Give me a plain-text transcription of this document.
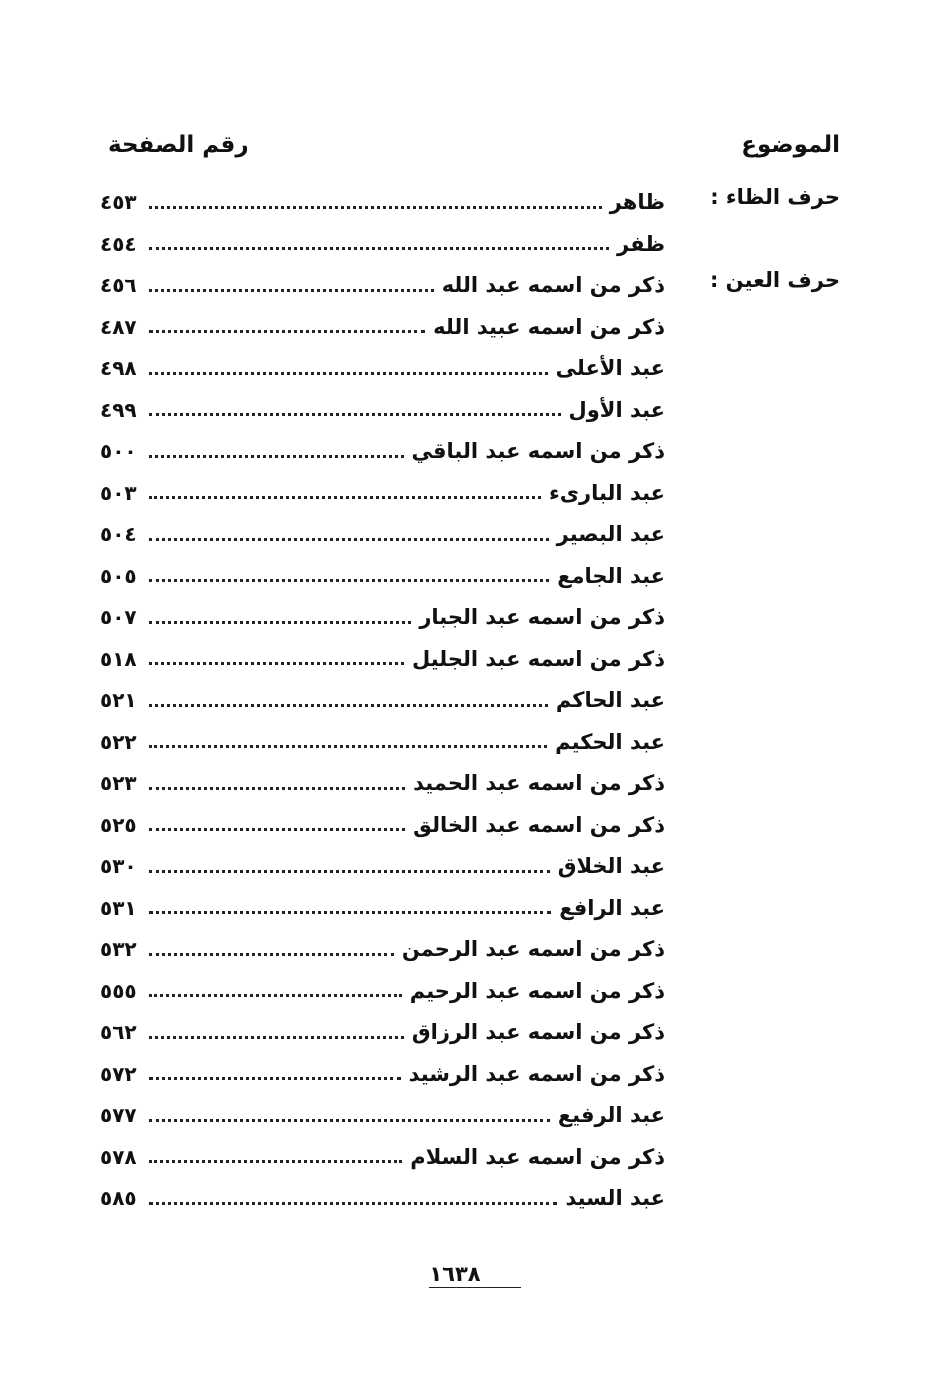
الموضوع
رقم الصفحة
حرف الظاء :
ظاهر
٤٥٣
ظفر
٤٥٤
حرف العين :
ذكر من اسمه عبد الله
٤٥٦
ذكر من اسمه عبيد الله
٤٨٧
عبد الأعلى
٤٩٨
عبد الأول
٤٩٩
ذكر من اسمه عبد الباقي
٥٠٠
عبد البارىء
٥٠٣
عبد البصير
٥٠٤
عبد الجامع
٥٠٥
ذكر من اسمه عبد الجبار
٥٠٧
ذكر من اسمه عبد الجليل
٥١٨
عبد الحاكم
٥٢١
عبد الحكيم
٥٢٢
ذكر من اسمه عبد الحميد
٥٢٣
ذكر من اسمه عبد الخالق
٥٢٥
عبد الخلاق
٥٣٠
عبد الرافع
٥٣١
ذكر من اسمه عبد الرحمن
٥٣٢
ذكر من اسمه عبد الرحيم
٥٥٥
ذكر من اسمه عبد الرزاق
٥٦٢
ذكر من اسمه عبد الرشيد
٥٧٢
عبد الرفيع
٥٧٧
ذكر من اسمه عبد السلام
٥٧٨
عبد السيد
٥٨٥
١٦٣٨
